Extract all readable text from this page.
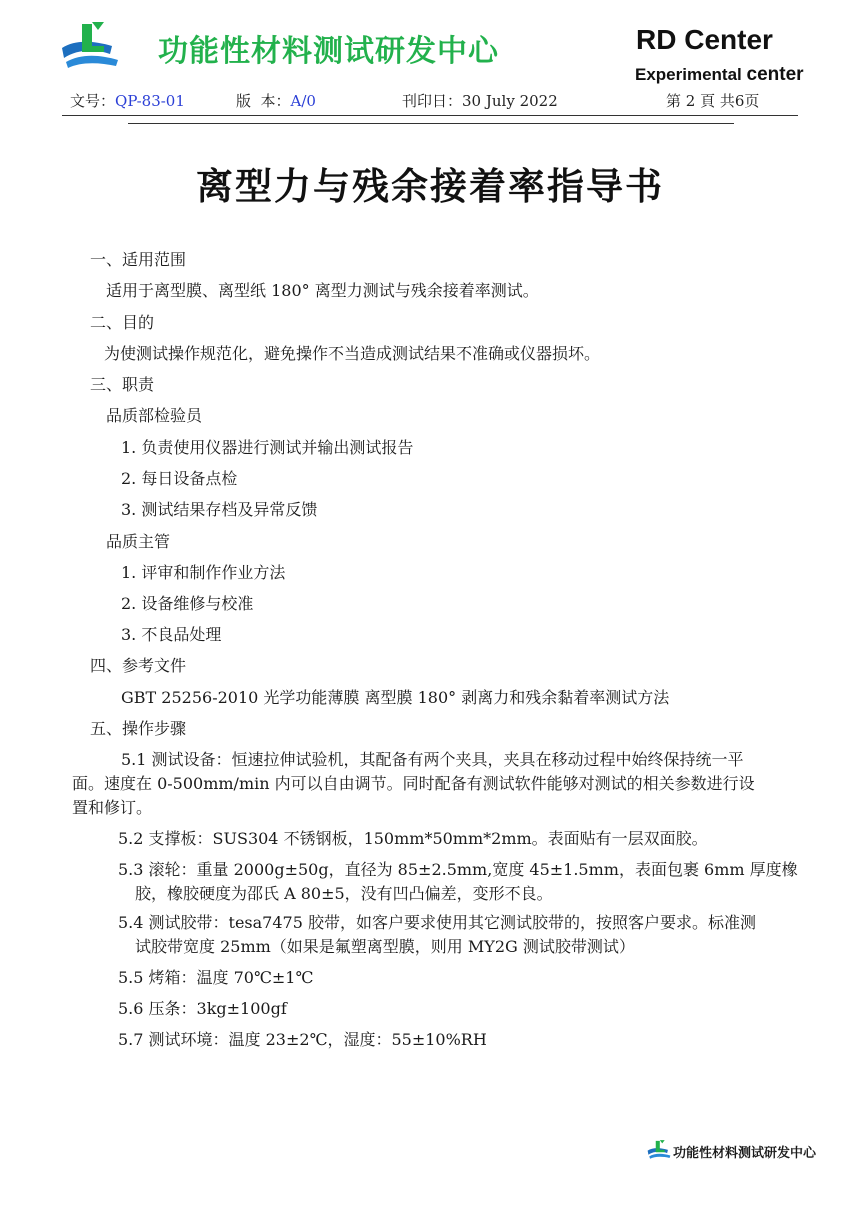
功能性材料测试研发中心	RD Center
Experimental center
文号：QP-83-01	版  本：A/0	刊印日：30 July 2022	第 2 頁 共6页
离型力与残余接着率指导书
一、适用范围
适用于离型膜、离型纸 180° 离型力测试与残余接着率测试。
二、目的
为使测试操作规范化，避免操作不当造成测试结果不准确或仪器损坏。
三、职责
品质部检验员
1. 负责使用仪器进行测试并输出测试报告
2. 每日设备点检
3. 测试结果存档及异常反馈
品质主管
1. 评审和制作作业方法
2. 设备维修与校准
3. 不良品处理
四、参考文件
GBT 25256-2010 光学功能薄膜 离型膜 180° 剥离力和残余黏着率测试方法
五、操作步骤
5.1 测试设备：恒速拉伸试验机，其配备有两个夹具，夹具在移动过程中始终保持统一平
面。速度在 0-500mm/min 内可以自由调节。同时配备有测试软件能够对测试的相关参数进行设
置和修订。
5.2 支撑板：SUS304 不锈钢板，150mm*50mm*2mm。表面贴有一层双面胶。
5.3 滚轮：重量 2000g±50g，直径为 85±2.5mm,宽度 45±1.5mm，表面包裹 6mm 厚度橡
胶，橡胶硬度为邵氏 A 80±5，没有凹凸偏差，变形不良。
5.4 测试胶带：tesa7475 胶带，如客户要求使用其它测试胶带的，按照客户要求。标准测
试胶带宽度 25mm（如果是氟塑离型膜，则用 MY2G 测试胶带测试）
5.5 烤箱：温度 70℃±1℃
5.6 压条：3kg±100gf
5.7 测试环境：温度 23±2℃，湿度：55±10%RH
功能性材料测试研发中心
